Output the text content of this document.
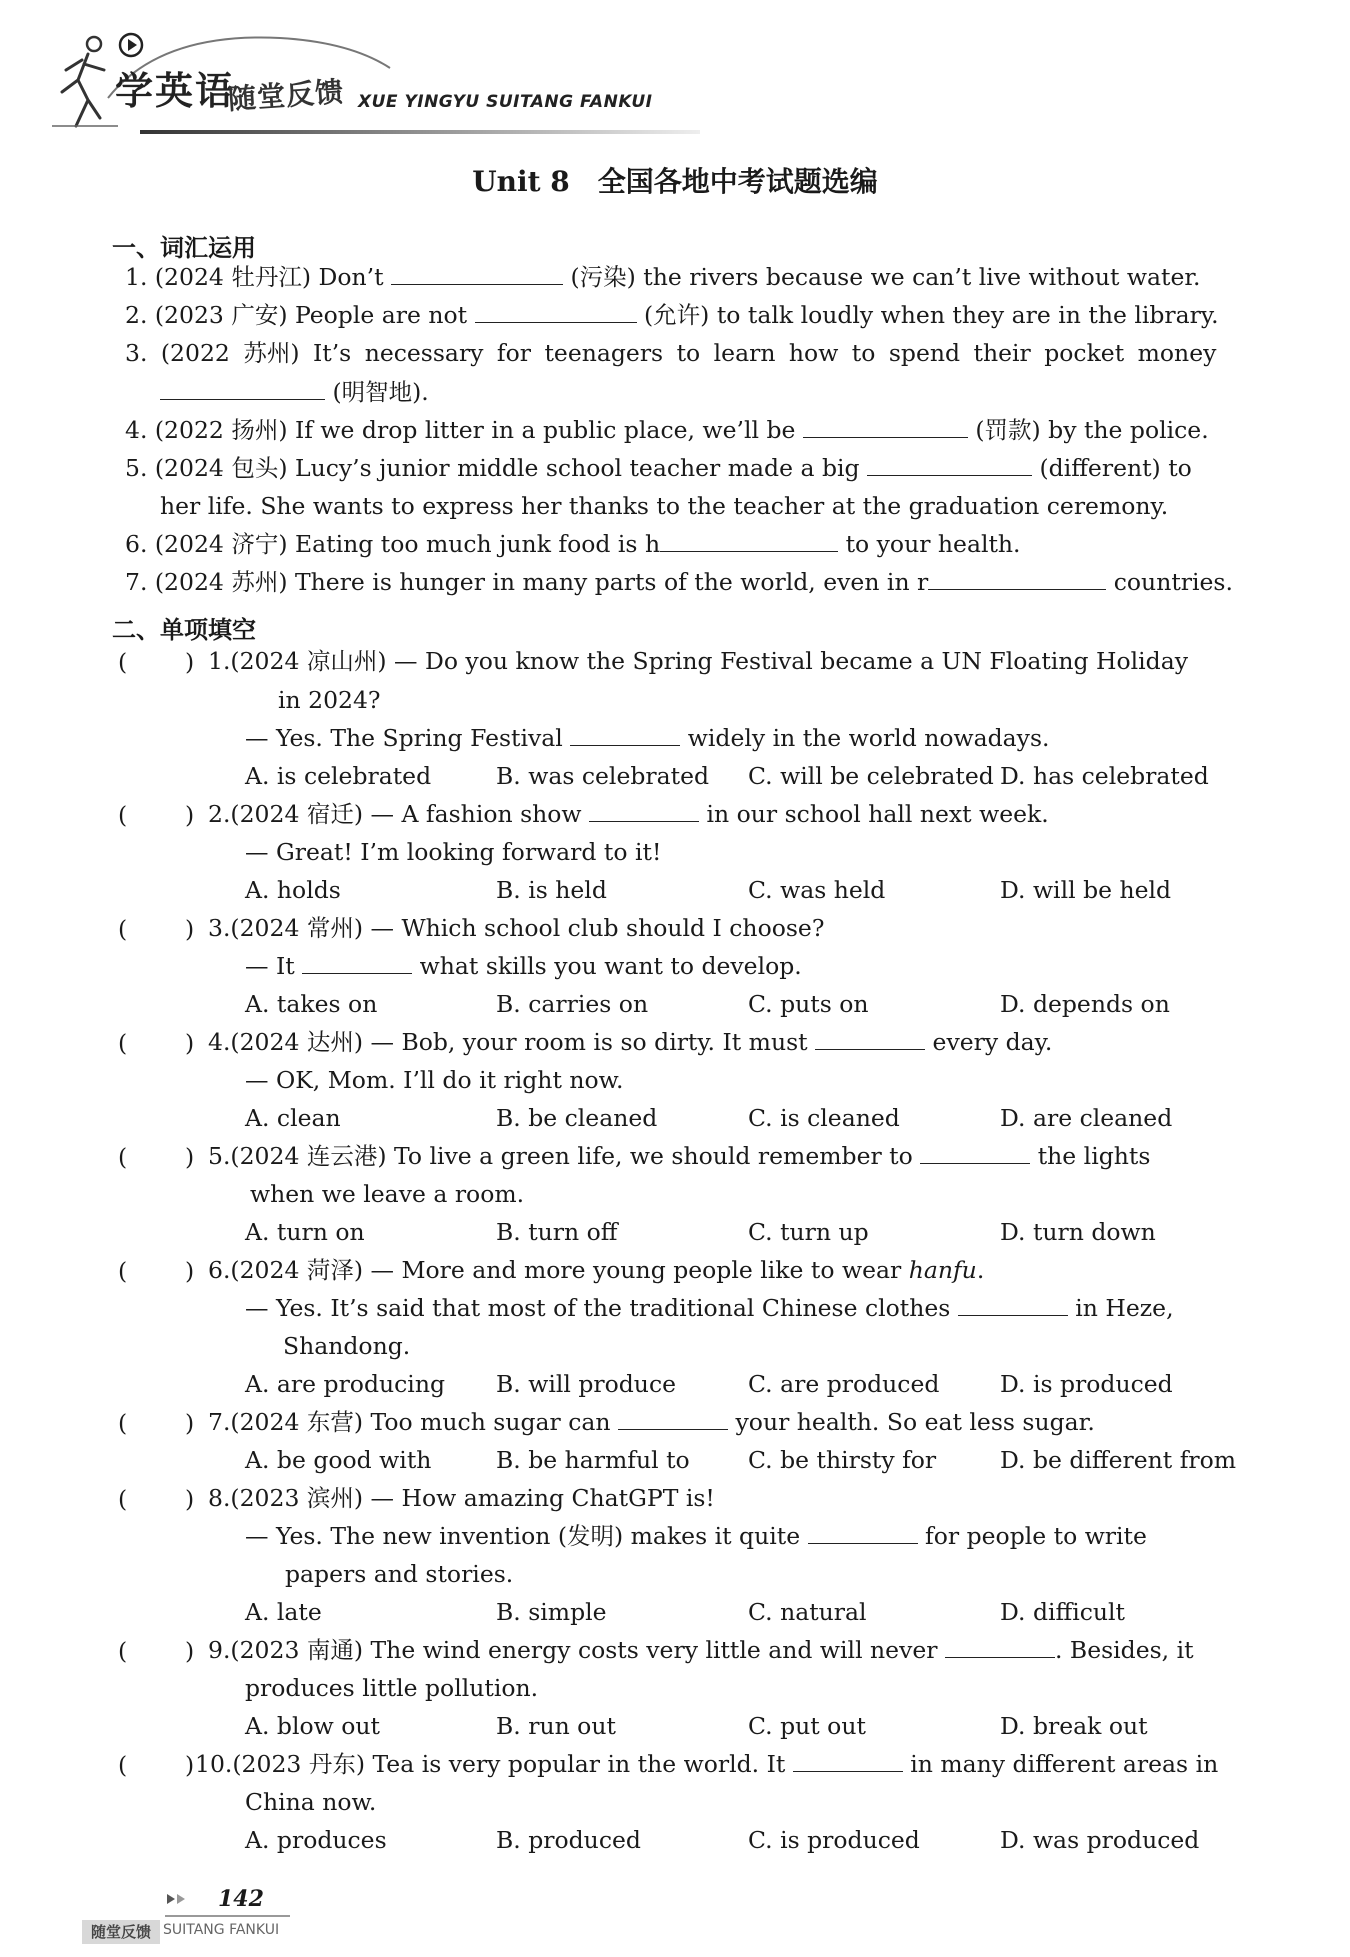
学英语
随堂反馈 XUE YINGYU SUITANG FANKUI
Unit 8　全国各地中考试题选编
一、词汇运用
1. (2024 牡丹江) Don’t	(污染) the rivers because we can’t live without water.
2. (2023 广安) People are not	(允许) to talk loudly when they are in the library.
3. (2022 苏州) It’s necessary for teenagers to learn how to spend their pocket money
(明智地).
4. (2022 扬州) If we drop litter in a public place, we’ll be	(罚款) by the police.
5. (2024 包头) Lucy’s junior middle school teacher made a big	(different) to
her life. She wants to express her thanks to the teacher at the graduation ceremony.
6. (2024 济宁) Eating too much junk food is h	to your health.
7. (2024 苏州) There is hunger in many parts of the world, even in r	countries.
二、单项填空
( ) 1.(2024 凉山州) — Do you know the Spring Festival became a UN Floating Holiday
in 2024?
— Yes. The Spring Festival	widely in the world nowadays.
A. is celebrated	B. was celebrated C. will be celebrated D. has celebrated
( ) 2.(2024 宿迁) — A fashion show	in our school hall next week.
— Great! I’m looking forward to it!
A. holds	B. is held	C. was held	D. will be held
( ) 3.(2024 常州) — Which school club should I choose?
— It	what skills you want to develop.
A. takes on	B. carries on	C. puts on	D. depends on
( ) 4.(2024 达州) — Bob, your room is so dirty. It must	every day.
— OK, Mom. I’ll do it right now.
A. clean	B. be cleaned	C. is cleaned	D. are cleaned
( ) 5.(2024 连云港) To live a green life, we should remember to	the lights
when we leave a room.
A. turn on	B. turn off	C. turn up	D. turn down
( ) 6.(2024 菏泽) — More and more young people like to wear hanfu.
— Yes. It’s said that most of the traditional Chinese clothes	in Heze,
Shandong.
A. are producing B. will produce	C. are produced	D. is produced
( ) 7.(2024 东营) Too much sugar can	your health. So eat less sugar.
A. be good with	B. be harmful to C. be thirsty for	D. be different from
( ) 8.(2023 滨州) — How amazing ChatGPT is!
— Yes. The new invention (发明) makes it quite	for people to write
papers and stories.
A. late	B. simple	C. natural	D. difficult
( ) 9.(2023 南通) The wind energy costs very little and will never	. Besides, it
produces little pollution.
A. blow out	B. run out	C. put out	D. break out
( ) 10.(2023 丹东) Tea is very popular in the world. It	in many different areas in
China now.
A. produces	B. produced	C. is produced	D. was produced
142
随堂反馈 SUITANG FANKUI
